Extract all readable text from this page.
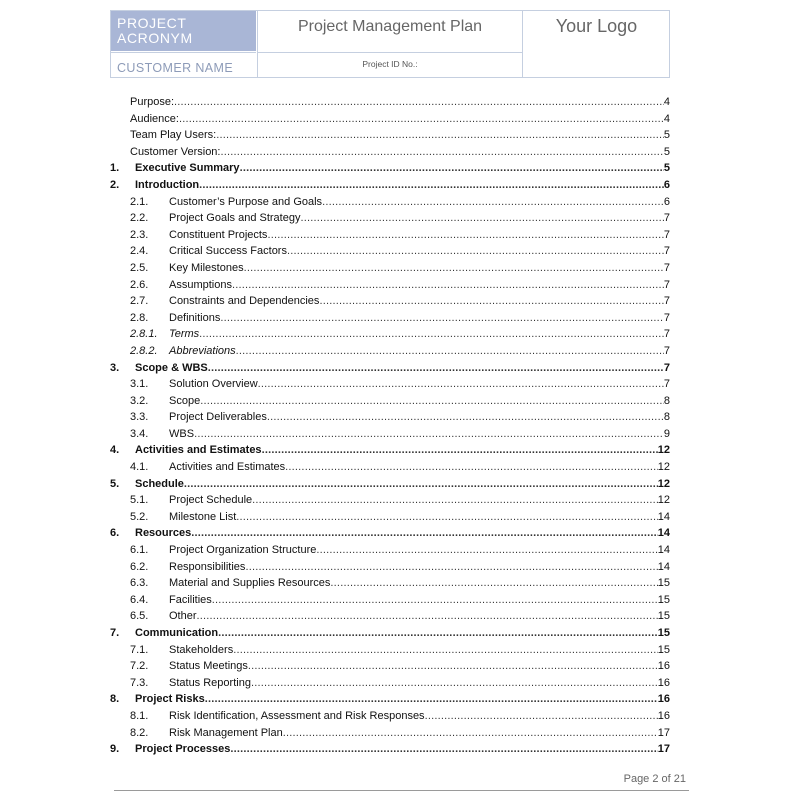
PROJECT ACRONYM
CUSTOMER NAME
Project Management Plan
Project ID No.:
Your Logo
Purpose: .....	4
Audience: .....	4
Team Play Users: .....	5
Customer Version: .....	5
1.	Executive Summary .....	5
2.	Introduction .....	6
2.1.	Customer’s Purpose and Goals .....	6
2.2.	Project Goals and Strategy .....	7
2.3.	Constituent Projects .....	7
2.4.	Critical Success Factors .....	7
2.5.	Key Milestones .....	7
2.6.	Assumptions .....	7
2.7.	Constraints and Dependencies .....	7
2.8.	Definitions .....	7
2.8.1.	Terms .....	7
2.8.2.	Abbreviations .....	7
3.	Scope & WBS .....	7
3.1.	Solution Overview .....	7
3.2.	Scope .....	8
3.3.	Project Deliverables .....	8
3.4.	WBS .....	9
4.	Activities and Estimates .....	12
4.1.	Activities and Estimates .....	12
5.	Schedule .....	12
5.1.	Project Schedule .....	12
5.2.	Milestone List .....	14
6.	Resources .....	14
6.1.	Project Organization Structure .....	14
6.2.	Responsibilities .....	14
6.3.	Material and Supplies Resources .....	15
6.4.	Facilities .....	15
6.5.	Other .....	15
7.	Communication .....	15
7.1.	Stakeholders .....	15
7.2.	Status Meetings .....	16
7.3.	Status Reporting .....	16
8.	Project Risks .....	16
8.1.	Risk Identification, Assessment and Risk Responses .....	16
8.2.	Risk Management Plan .....	17
9.	Project Processes .....	17
Page 2 of 21
